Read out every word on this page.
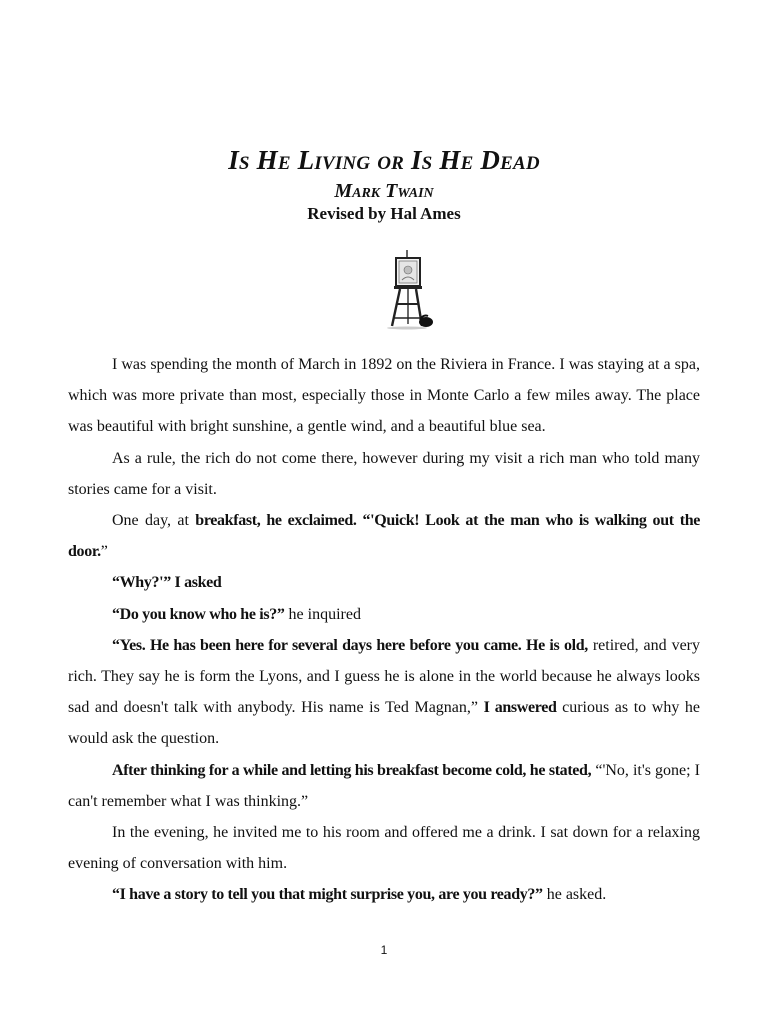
Is He Living or Is He Dead
Mark Twain
Revised by Hal Ames

I was spending the month of March in 1892 on the Riviera in France. I was staying at a spa, which was more private than most, especially those in Monte Carlo a few miles away. The place was beautiful with bright sunshine, a gentle wind, and a beautiful blue sea.

As a rule, the rich do not come there, however during my visit a rich man who told many stories came for a visit.

One day, at breakfast, he exclaimed. “'Quick! Look at the man who is walking out the door.”

“Why?'” I asked

“Do you know who he is?” he inquired

“Yes. He has been here for several days here before you came. He is old, retired, and very rich. They say he is form the Lyons, and I guess he is alone in the world because he always looks sad and doesn't talk with anybody. His name is Ted Magnan,” I answered curious as to why he would ask the question.

After thinking for a while and letting his breakfast become cold, he stated, “'No, it's gone; I can't remember what I was thinking.”

In the evening, he invited me to his room and offered me a drink. I sat down for a relaxing evening of conversation with him.

“I have a story to tell you that might surprise you, are you ready?” he asked.

1
